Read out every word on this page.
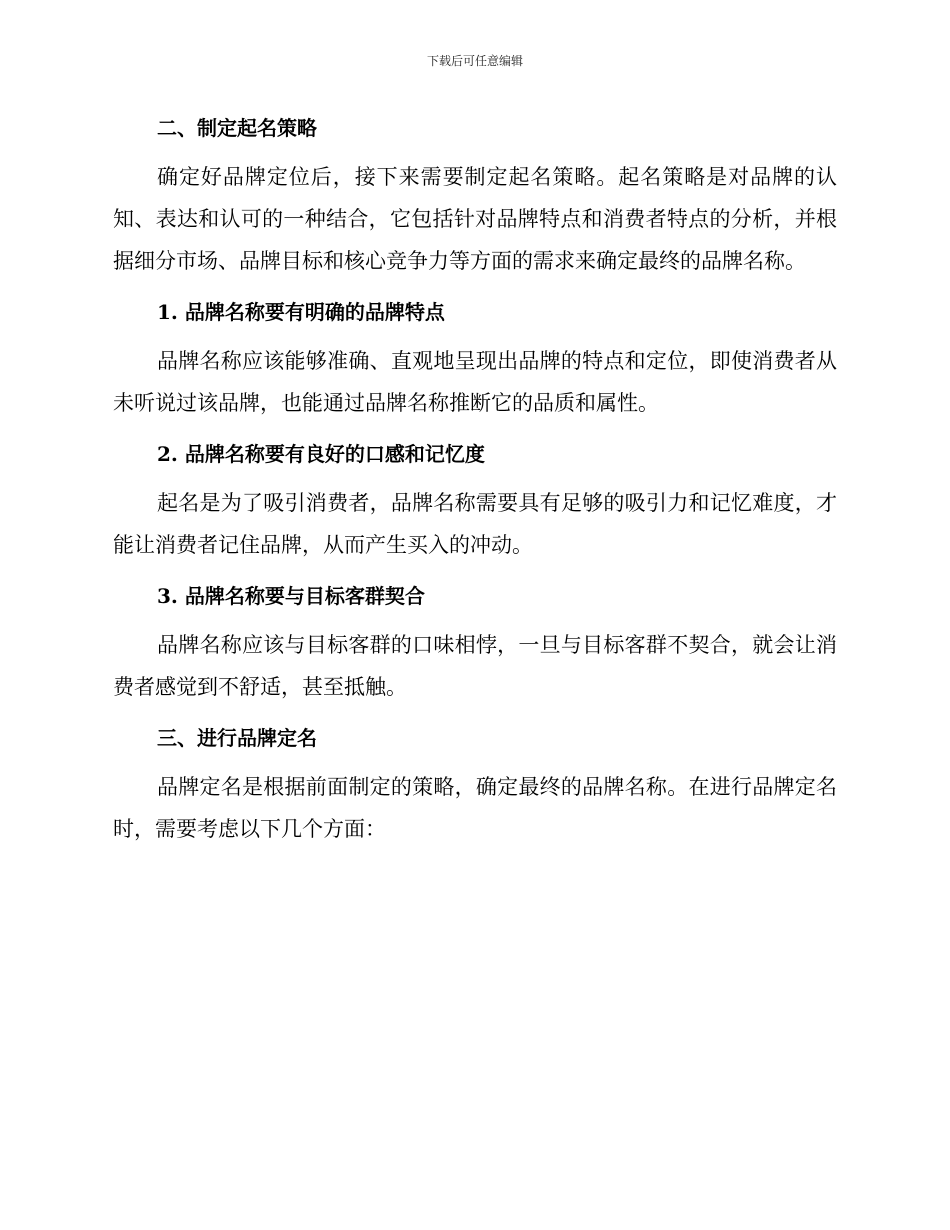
下载后可任意编辑
二、制定起名策略

确定好品牌定位后，接下来需要制定起名策略。起名策略是对品牌的认知、表达和认可的一种结合，它包括针对品牌特点和消费者特点的分析，并根据细分市场、品牌目标和核心竞争力等方面的需求来确定最终的品牌名称。

1. 品牌名称要有明确的品牌特点

品牌名称应该能够准确、直观地呈现出品牌的特点和定位，即使消费者从未听说过该品牌，也能通过品牌名称推断它的品质和属性。

2. 品牌名称要有良好的口感和记忆度

起名是为了吸引消费者，品牌名称需要具有足够的吸引力和记忆难度，才能让消费者记住品牌，从而产生买入的冲动。

3. 品牌名称要与目标客群契合

品牌名称应该与目标客群的口味相悖，一旦与目标客群不契合，就会让消费者感觉到不舒适，甚至抵触。

三、进行品牌定名

品牌定名是根据前面制定的策略，确定最终的品牌名称。在进行品牌定名时，需要考虑以下几个方面：
